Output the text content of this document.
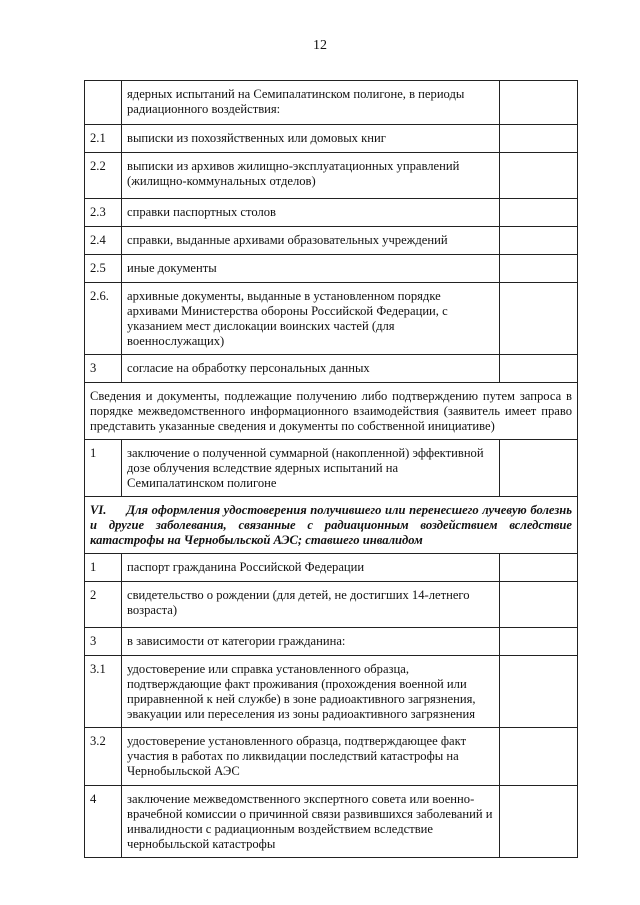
12
	ядерных испытаний на Семипалатинском полигоне, в периоды радиационного воздействия:	
2.1	выписки из похозяйственных или домовых книг	
2.2	выписки из архивов жилищно-эксплуатационных управлений (жилищно-коммунальных отделов)	
2.3	справки паспортных столов	
2.4	справки, выданные архивами образовательных учреждений	
2.5	иные документы	
2.6.	архивные документы, выданные в установленном порядке архивами Министерства обороны Российской Федерации, с указанием мест дислокации воинских частей (для военнослужащих)	
3	согласие на обработку персональных данных	
Сведения и документы, подлежащие получению либо подтверждению путем запроса в порядке межведомственного информационного взаимодействия (заявитель имеет право представить указанные сведения и документы по собственной инициативе)		
1	заключение о полученной суммарной (накопленной) эффективной дозе облучения вследствие ядерных испытаний на Семипалатинском полигоне	
VI. Для оформления удостоверения получившего или перенесшего лучевую болезнь и другие заболевания, связанные с радиационным воздействием вследствие катастрофы на Чернобыльской АЭС; ставшего инвалидом		
1	паспорт гражданина Российской Федерации	
2	свидетельство о рождении (для детей, не достигших 14-летнего возраста)	
3	в зависимости от категории гражданина:	
3.1	удостоверение или справка установленного образца, подтверждающие факт проживания (прохождения военной или приравненной к ней службе) в зоне радиоактивного загрязнения, эвакуации или переселения из зоны радиоактивного загрязнения	
3.2	удостоверение установленного образца, подтверждающее факт участия в работах по ликвидации последствий катастрофы на Чернобыльской АЭС	
4	заключение межведомственного экспертного совета или военно-врачебной комиссии о причинной связи развившихся заболеваний и инвалидности с радиационным воздействием вследствие чернобыльской катастрофы	
